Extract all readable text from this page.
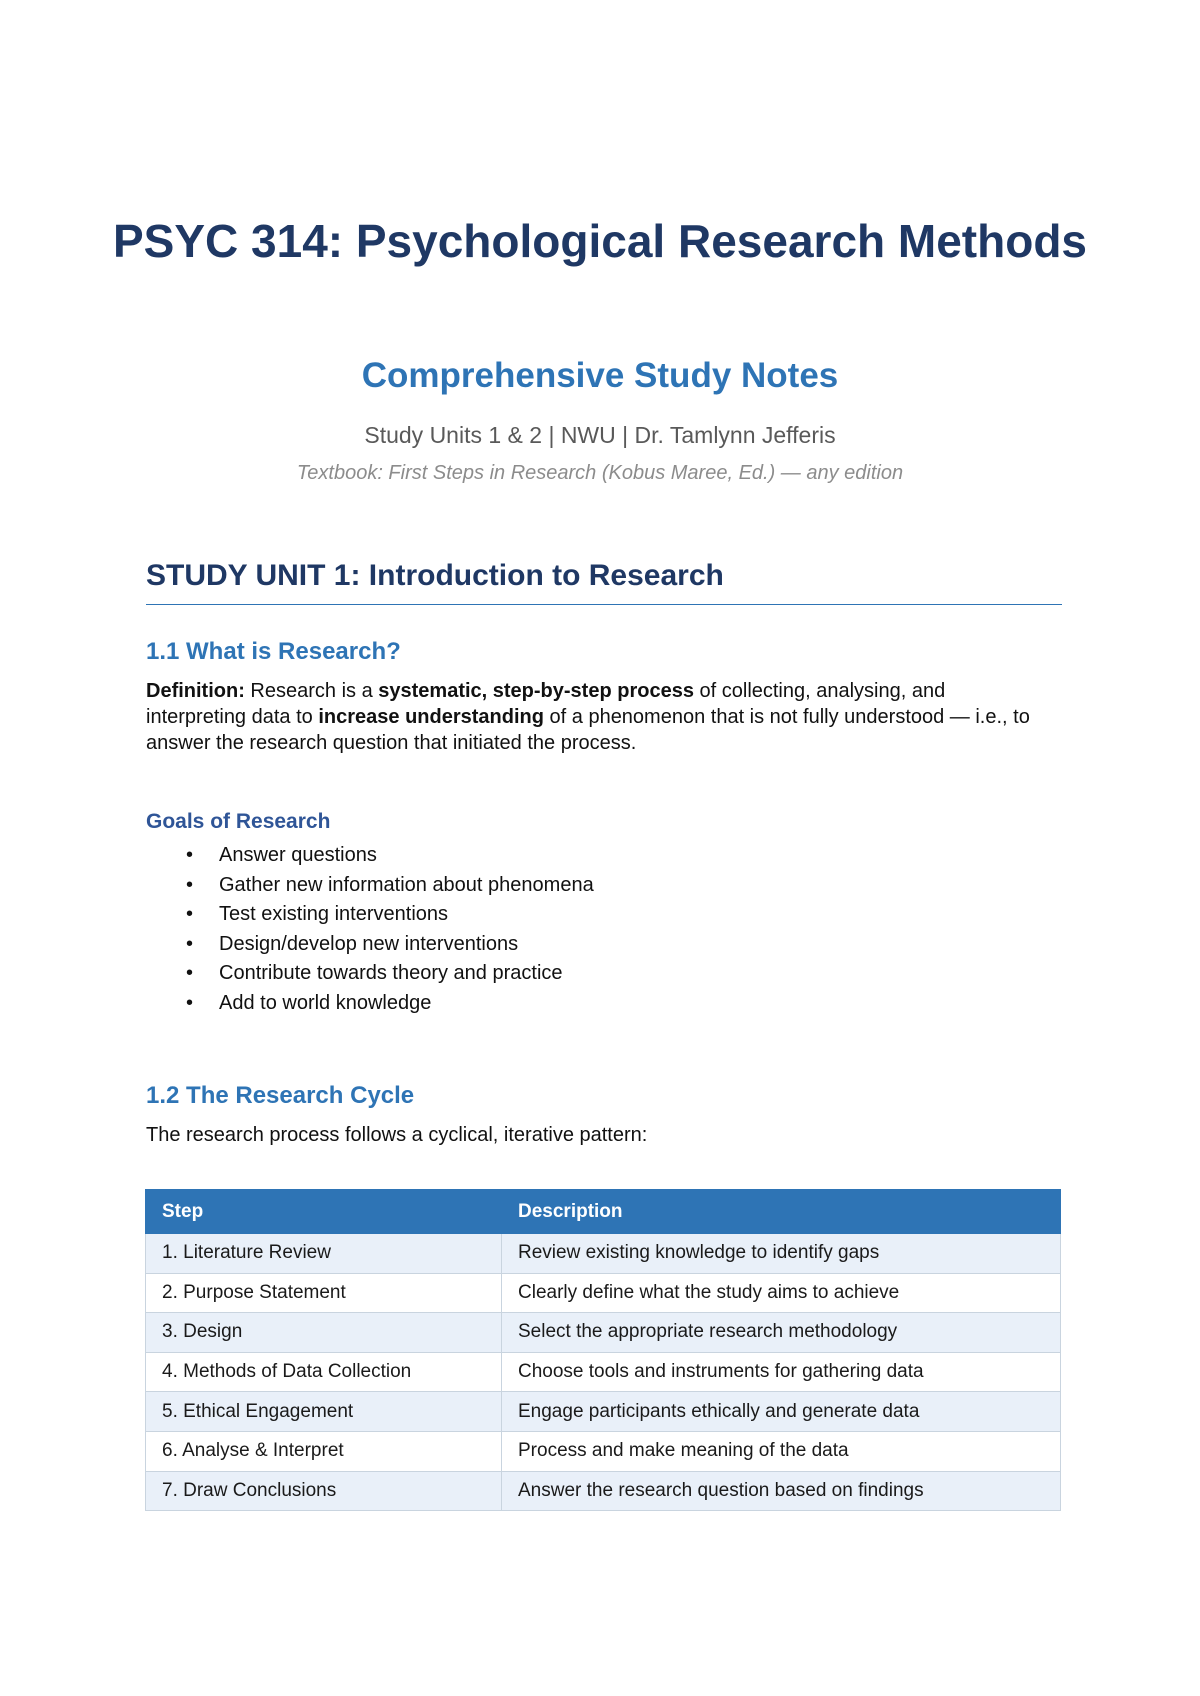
PSYC 314: Psychological Research Methods
Comprehensive Study Notes

Study Units 1 & 2 | NWU | Dr. Tamlynn Jefferis

Textbook: First Steps in Research (Kobus Maree, Ed.) — any edition

STUDY UNIT 1: Introduction to Research
1.1 What is Research?

Definition: Research is a systematic, step-by-step process of collecting, analysing, and interpreting data to increase understanding of a phenomenon that is not fully understood — i.e., to answer the research question that initiated the process.

Goals of Research
•	Answer questions
•	Gather new information about phenomena
•	Test existing interventions
•	Design/develop new interventions
•	Contribute towards theory and practice
•	Add to world knowledge
1.2 The Research Cycle

The research process follows a cyclical, iterative pattern:

Step	Description
1. Literature Review	Review existing knowledge to identify gaps
2. Purpose Statement	Clearly define what the study aims to achieve
3. Design	Select the appropriate research methodology
4. Methods of Data Collection	Choose tools and instruments for gathering data
5. Ethical Engagement	Engage participants ethically and generate data
6. Analyse & Interpret	Process and make meaning of the data
7. Draw Conclusions	Answer the research question based on findings
